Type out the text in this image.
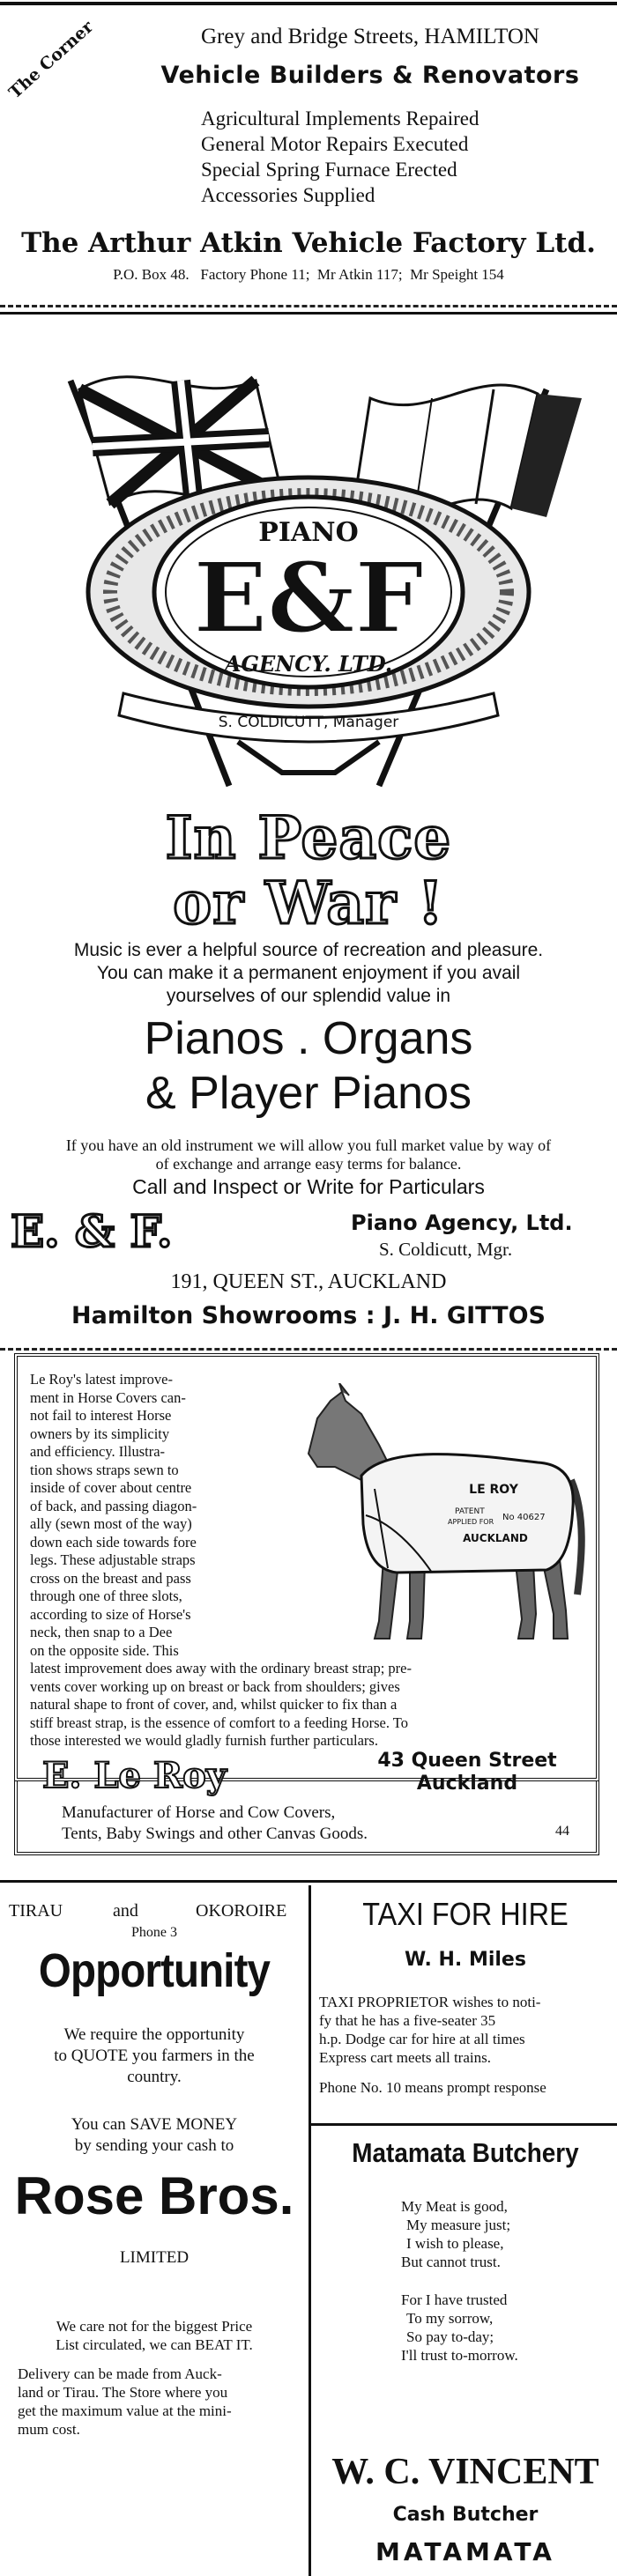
The Corner	Grey and Bridge Streets, HAMILTON
Vehicle Builders & Renovators
Agricultural Implements Repaired
General Motor Repairs Executed
Special Spring Furnace Erected
Accessories Supplied
The Arthur Atkin Vehicle Factory Ltd.
P.O. Box 48.   Factory Phone 11;  Mr Atkin 117;  Mr Speight 154
PIANO
E&F
AGENCY. LTD.
S. COLDICUTT, Manager
In Peace
or War !
Music is ever a helpful source of recreation and pleasure.
You can make it a permanent enjoyment if you avail
yourselves of our splendid value in
Pianos . Organs
& Player Pianos
If you have an old instrument we will allow you full market value by way of
of exchange and arrange easy terms for balance.
Call and Inspect or Write for Particulars
E. & F.	Piano Agency, Ltd.
S. Coldicutt, Mgr.
191, QUEEN ST., AUCKLAND
Hamilton Showrooms : J. H. GITTOS
Le Roy's latest improve-
ment in Horse Covers can-
not fail to interest Horse
owners by its simplicity
and efficiency. Illustra-
tion shows straps sewn to
inside of cover about centre
of back, and passing diagon-
ally (sewn most of the way)
down each side towards fore
legs. These adjustable straps
cross on the breast and pass
through one of three slots,
according to size of Horse's
neck, then snap to a Dee
on the opposite side. This
LE ROY
PATENT
APPLIED FOR No 40627
AUCKLAND
latest improvement does away with the ordinary breast strap; pre-
vents cover working up on breast or back from shoulders; gives
natural shape to front of cover, and, whilst quicker to fix than a
stiff breast strap, is the essence of comfort to a feeding Horse. To
those interested we would gladly furnish further particulars.
E. Le Roy	43 Queen Street
Auckland
Manufacturer of Horse and Cow Covers,
Tents, Baby Swings and other Canvas Goods.	44
TIRAU	and	OKOROIRE
Phone 3
Opportunity
We require the opportunity
to QUOTE you farmers in the
country.
You can SAVE MONEY
by sending your cash to
Rose Bros.
LIMITED
We care not for the biggest Price
List circulated, we can BEAT IT.
Delivery can be made from Auck-
land or Tirau. The Store where you
get the maximum value at the mini-
mum cost.
TAXI FOR HIRE
W. H. Miles
TAXI PROPRIETOR wishes to noti-
fy that he has a five-seater 35
h.p. Dodge car for hire at all times
Express cart meets all trains.
Phone No. 10 means prompt response
Matamata Butchery
My Meat is good,
My measure just;
I wish to please,
But cannot trust.
For I have trusted
To my sorrow,
So pay to-day;
I'll trust to-morrow.
W. C. VINCENT
Cash Butcher
MATAMATA
